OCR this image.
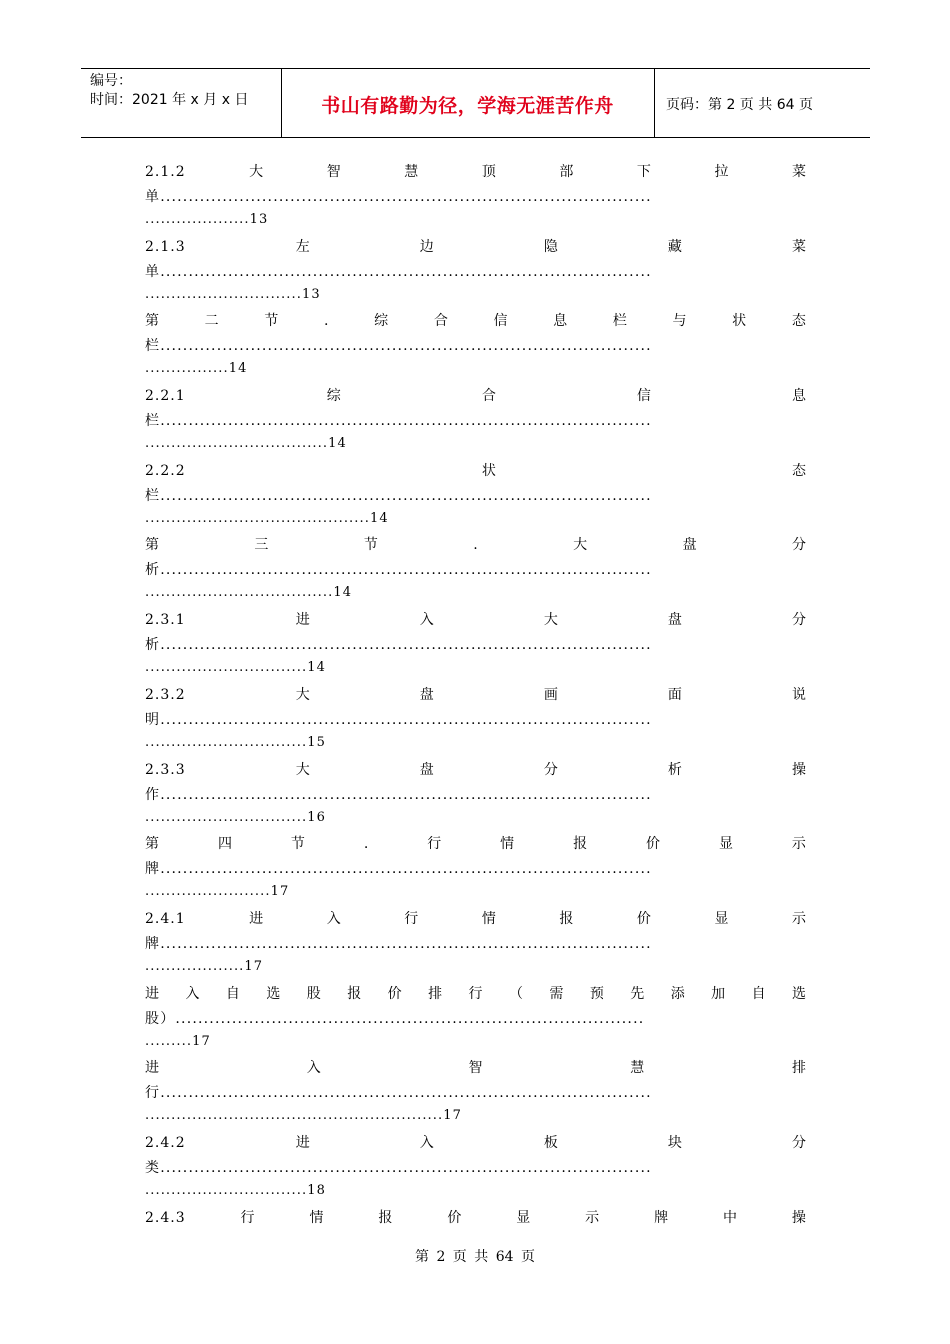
编号：
时间：2021 年 x 月 x 日	书山有路勤为径，学海无涯苦作舟	页码：第 2 页 共 64 页
2.1.2	大	智	慧	顶	部	下	拉	菜
单.......................................................................................
....................13
2.1.3	左	边	隐	藏	菜
单.......................................................................................
..............................13
第	二	节	.	综	合	信	息	栏	与	状	态
栏.......................................................................................
................14
2.2.1	综	合	信	息
栏.......................................................................................
...................................14
2.2.2	状	态
栏.......................................................................................
...........................................14
第	三	节	.	大	盘	分
析.......................................................................................
....................................14
2.3.1	进	入	大	盘	分
析.......................................................................................
...............................14
2.3.2	大	盘	画	面	说
明.......................................................................................
...............................15
2.3.3	大	盘	分	析	操
作.......................................................................................
...............................16
第	四	节	.	行	情	报	价	显	示
牌.......................................................................................
........................17
2.4.1	进	入	行	情	报	价	显	示
牌.......................................................................................
...................17
进 入 自 选 股 报 价 排 行 （ 需 预 先 添 加 自 选
股）...................................................................................
.........17
进	入	智	慧	排
行.......................................................................................
.........................................................17
2.4.2	进	入	板	块	分
类.......................................................................................
...............................18
2.4.3	行	情	报	价	显	示	牌	中	操
第 2 页 共 64 页
